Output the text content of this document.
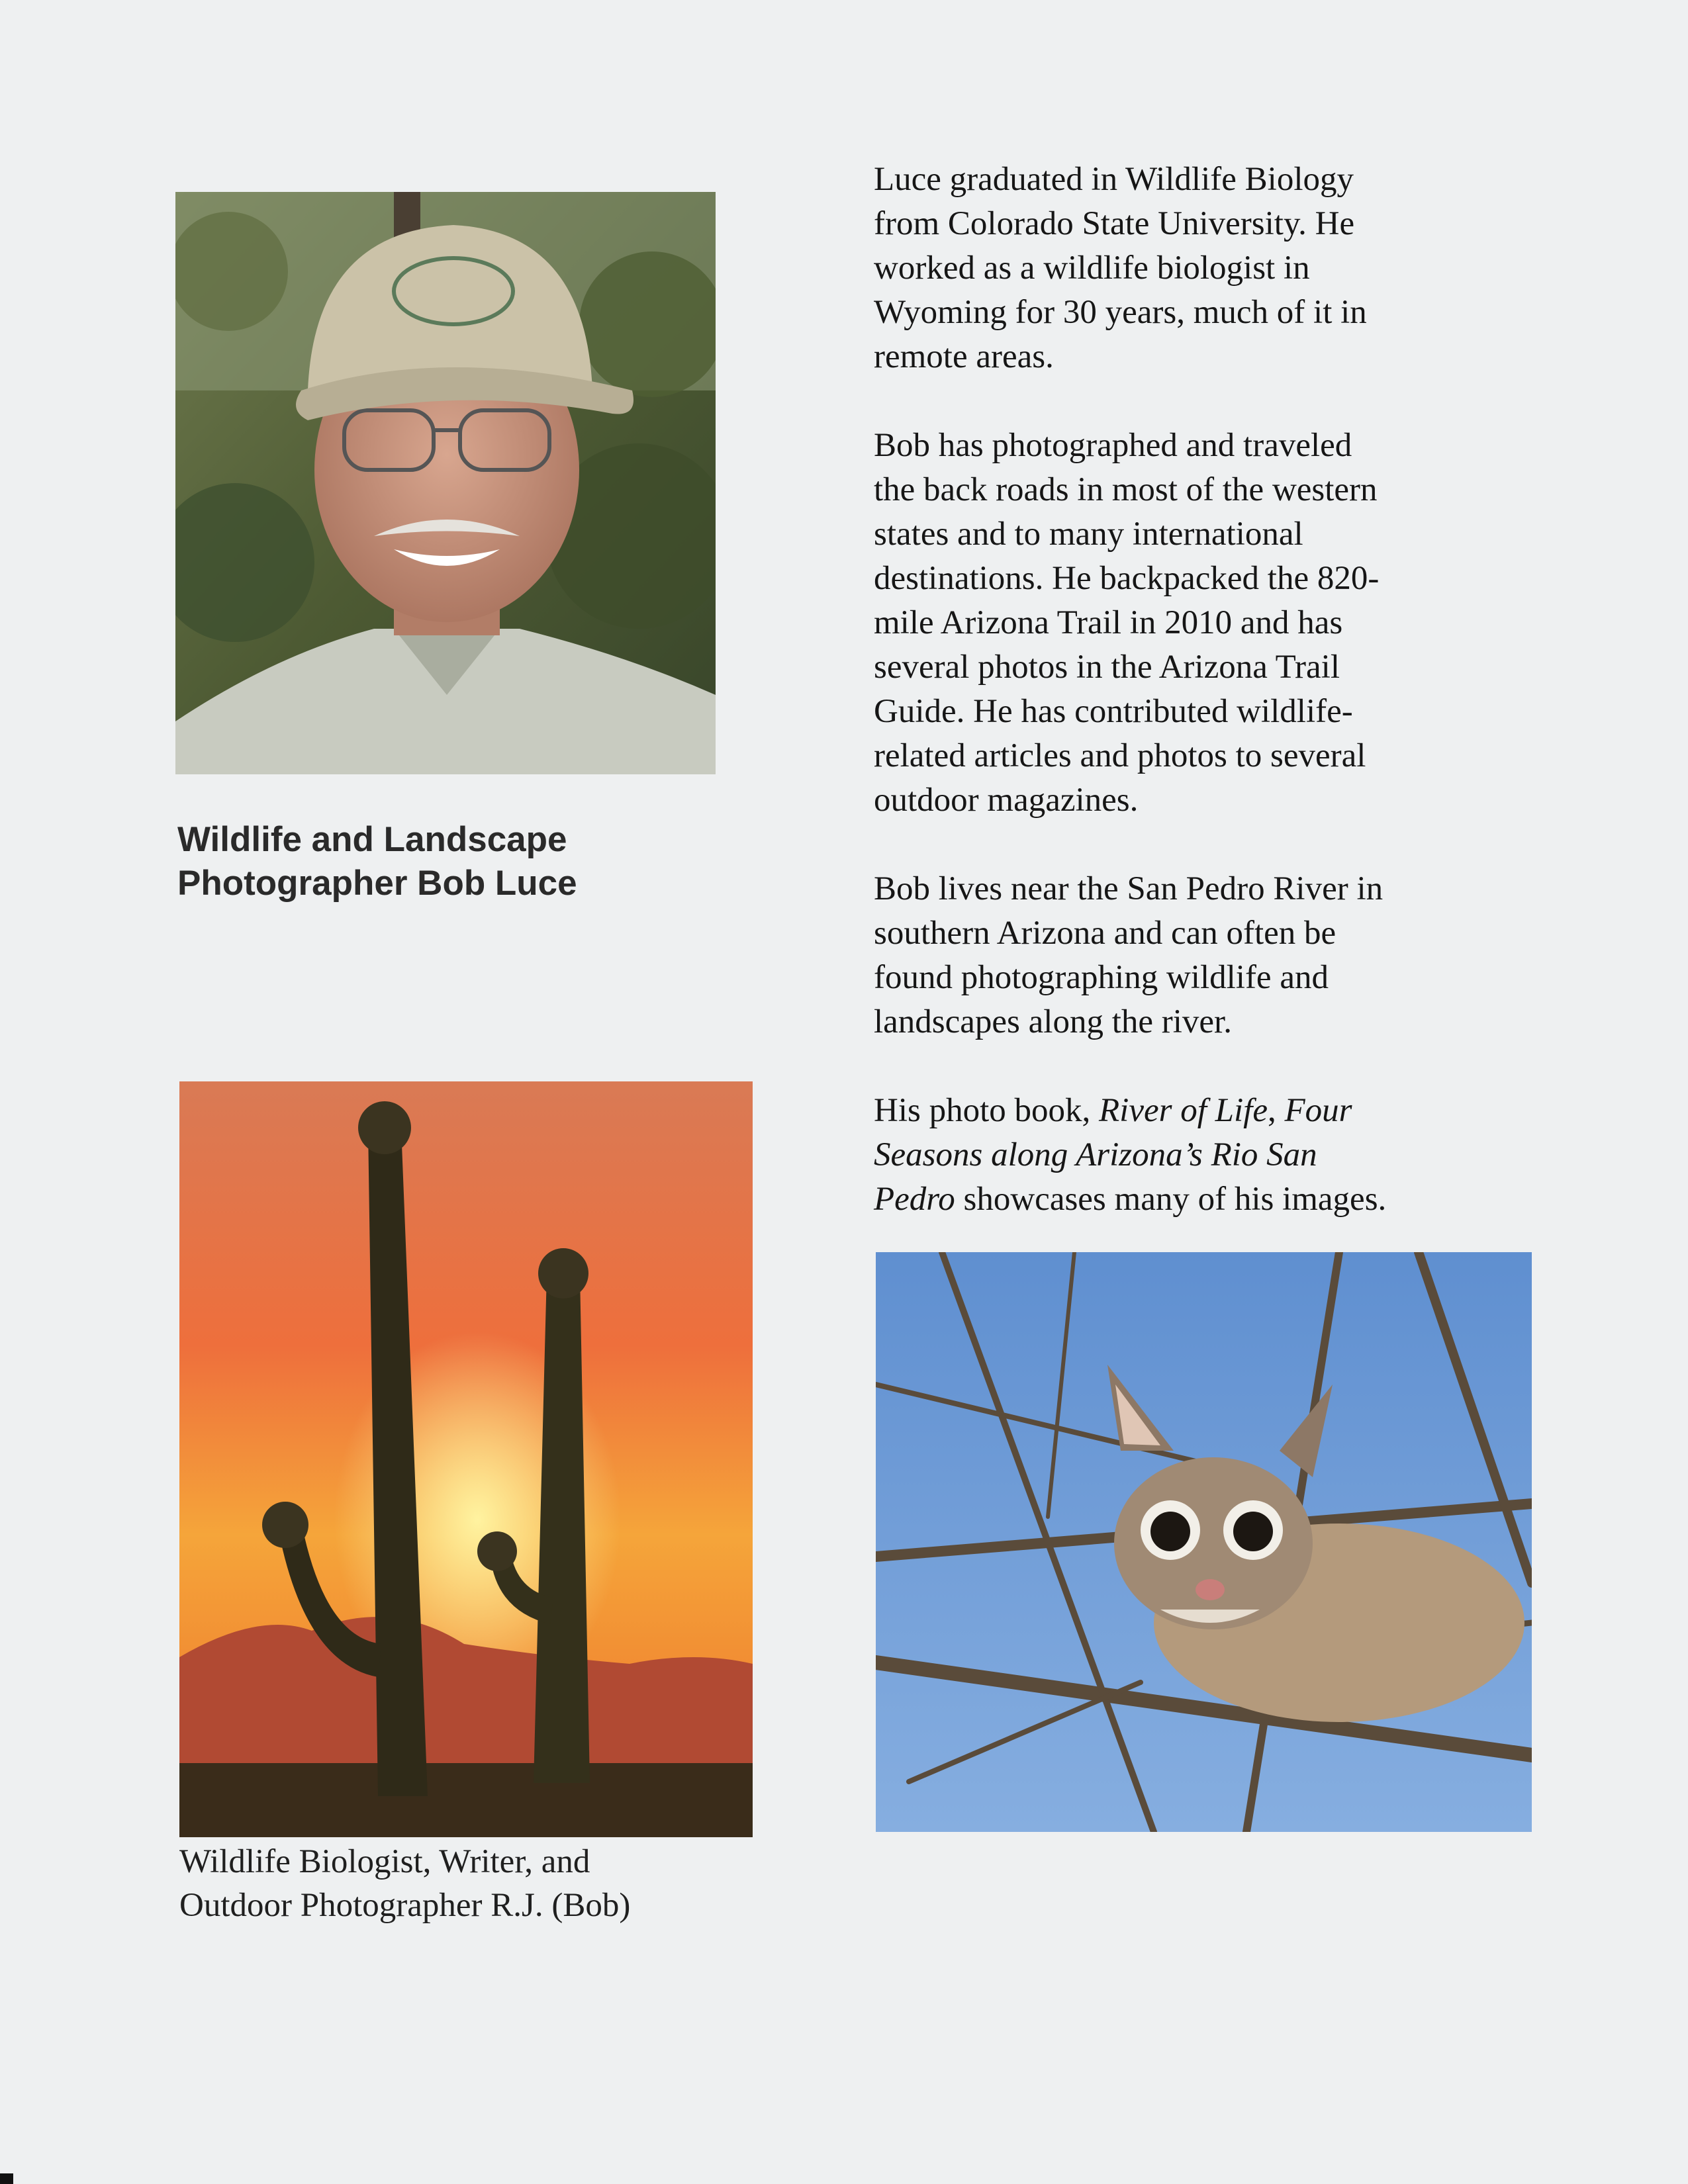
Wildlife and Landscape
Photographer Bob Luce
Wildlife Biologist, Writer, and
Outdoor Photographer R.J. (Bob)

Luce graduated in Wildlife Biology
from Colorado State University. He
worked as a wildlife biologist in
Wyoming for 30 years, much of it in
remote areas.

Bob has photographed and traveled
the back roads in most of the western
states and to many international
destinations. He backpacked the 820-
mile Arizona Trail in 2010 and has
several photos in the Arizona Trail
Guide. He has contributed wildlife-
related articles and photos to several
outdoor magazines.

Bob lives near the San Pedro River in
southern Arizona and can often be
found photographing wildlife and
landscapes along the river.

His photo book, River of Life, Four
Seasons along Arizona’s Rio San
Pedro showcases many of his images.
